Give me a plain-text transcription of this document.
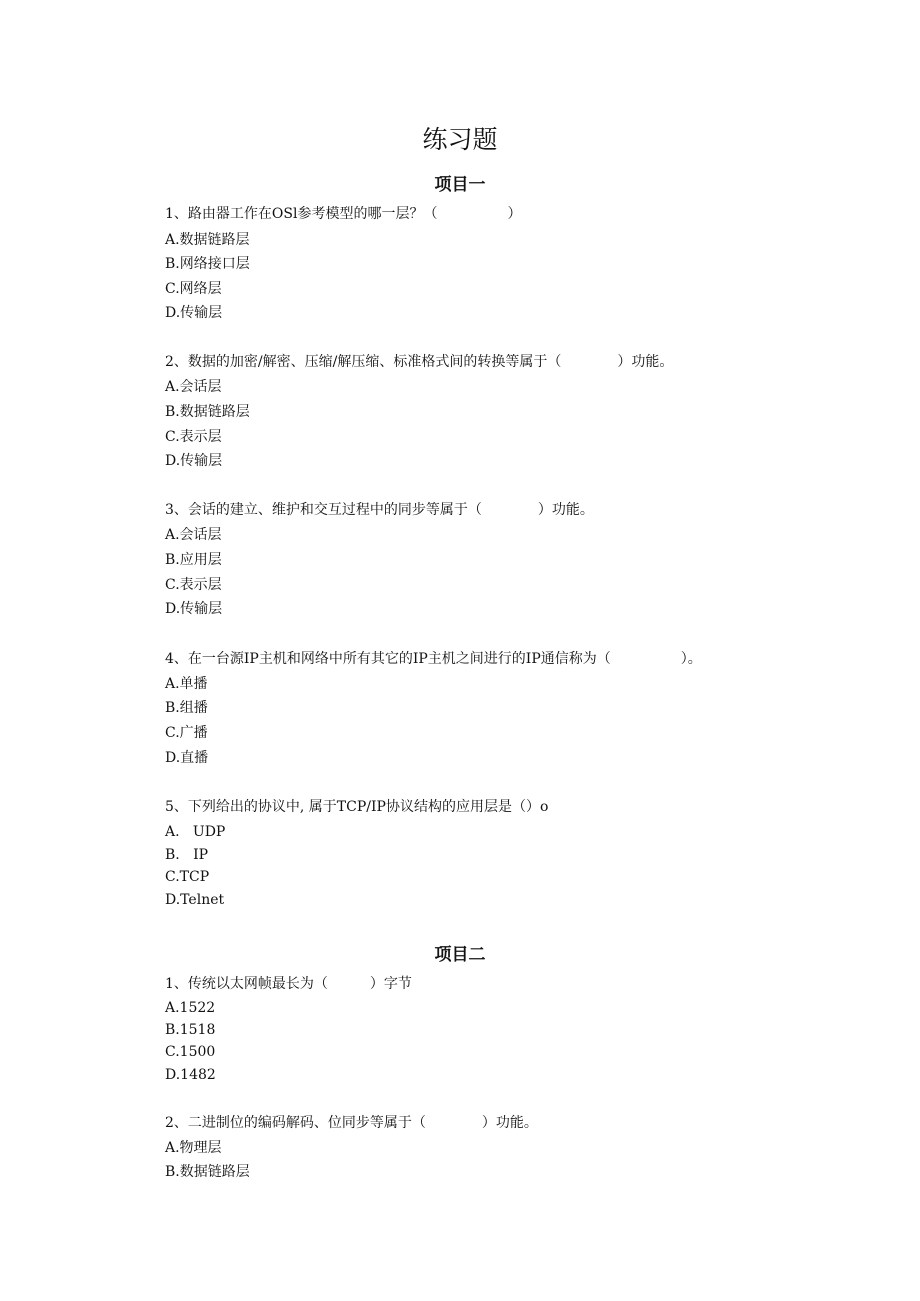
练习题
项目一
1、路由器工作在OSl参考模型的哪一层？（　　　　　）
A.数据链路层
B.网络接口层
C.网络层
D.传输层
2、数据的加密/解密、压缩/解压缩、标准格式间的转换等属于（　　　　）功能。
A.会话层
B.数据链路层
C.表示层
D.传输层
3、会话的建立、维护和交互过程中的同步等属于（　　　　）功能。
A.会话层
B.应用层
C.表示层
D.传输层
4、在一台源IP主机和网络中所有其它的IP主机之间进行的IP通信称为（　　　　　）。
A.单播
B.组播
C.广播
D.直播
5、下列给出的协议中, 属于TCP/IP协议结构的应用层是（）o
A.   UDP
B.   IP
C.TCP
D.Telnet
项目二
1、传统以太网帧最长为（　　　）字节
A.1522
B.1518
C.1500
D.1482
2、二进制位的编码解码、位同步等属于（　　　　）功能。
A.物理层
B.数据链路层
